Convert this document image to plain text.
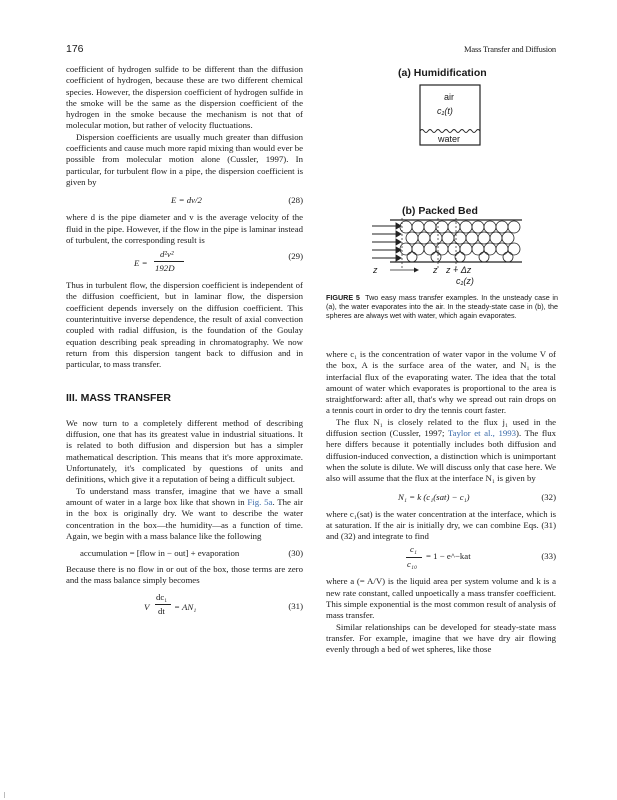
176	Mass Transfer and Diffusion

coefficient of hydrogen sulfide to be different than the diffusion coefficient of hydrogen, because these are two different chemical species. However, the dispersion coefficient of hydrogen sulfide in the smoke will be the same as the dispersion coefficient of the hydrogen in the smoke because the mechanism is not that of molecular motion, but rather of velocity fluctuations.

Dispersion coefficients are usually much greater than diffusion coefficients and cause much more rapid mixing than would ever be possible from molecular motion alone (Cussler, 1997). In particular, for turbulent flow in a pipe, the dispersion coefficient is given by

E = dv/2	(28)

where d is the pipe diameter and v is the average velocity of the fluid in the pipe. However, if the flow in the pipe is laminar instead of turbulent, the corresponding result is

E =
d²v²
192D
(29)

Thus in turbulent flow, the dispersion coefficient is independent of the diffusion coefficient, but in laminar flow, the dispersion coefficient depends inversely on the diffusion coefficient. This counterintuitive inverse dependence, the result of axial convection coupled with radial diffusion, is the foundation of the Goulay equation describing peak spreading in chromatography. We now return from this dispersion tangent back to diffusion and in particular, to mass transfer.

III. MASS TRANSFER

We now turn to a completely different method of describing diffusion, one that has its greatest value in industrial situations. It is related to both diffusion and dispersion but has a simpler mathematical description. This means that it's more approximate. Unfortunately, it's complicated by questions of units and definitions, which give it a reputation of being a difficult subject.

To understand mass transfer, imagine that we have a small amount of water in a large box like that shown in Fig. 5a. The air in the box is originally dry. We want to describe the water concentration in the box—the humidity—as a function of time. Again, we begin with a mass balance like the following

accumulation = [flow in − out] + evaporation	(30)

Because there is no flow in or out of the box, those terms are zero and the mass balance simply becomes

V
dc₁
dt = AN₁	(31)
(a) Humidification
air
c₁(t)
water
(b) Packed Bed
z	z z + Δz
c₁(z)
FIGURE 5 Two easy mass transfer examples. In the unsteady case in (a), the water evaporates into the air. In the steady-state case in (b), the spheres are always wet with water, which again evaporates.

where c₁ is the concentration of water vapor in the volume V of the box, A is the surface area of the water, and N₁ is the interfacial flux of the evaporating water. The idea that the total amount of water which evaporates is proportional to the area is straightforward: after all, that's why we spread out rain drops on a tennis court in order to dry the tennis court faster.

The flux N₁ is closely related to the flux j₁ used in the diffusion section (Cussler, 1997; Taylor et al., 1993). The flux here differs because it potentially includes both diffusion and diffusion-induced convection, a distinction which is unimportant when the solute is dilute. We will discuss only that case here. We also will assume that the flux at the interface N₁ is given by

N₁ = k (c₁(sat) − c₁)	(32)

where c₁(sat) is the water concentration at the interface, which is at saturation. If the air is initially dry, we can combine Eqs. (31) and (32) and integrate to find

c₁
c₁₀
= 1 − e^−kat	(33)

where a (= A/V) is the liquid area per system volume and k is a new rate constant, called unpoetically a mass transfer coefficient. This simple exponential is the most common result of analysis of mass transfer.

Similar relationships can be developed for steady-state mass transfer. For example, imagine that we have dry air flowing evenly through a bed of wet spheres, like those
